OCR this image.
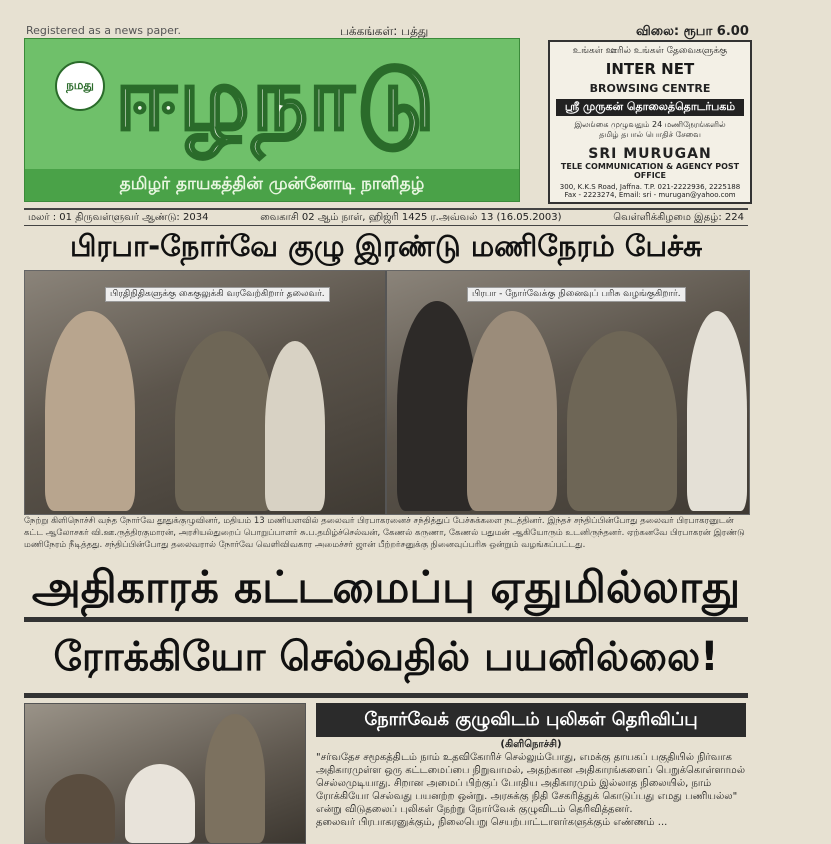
Registered as a news paper.	பக்கங்கள்: பத்து	விலை: ரூபா 6.00
நமது ஈழநாடு
தமிழர் தாயகத்தின் முன்னோடி நாளிதழ்
உங்கள் ஊரில் உங்கள் தேவைகளுக்கு
INTER NET
BROWSING CENTRE
ஸ்ரீ முருகன் தொலைத்தொடர்பகம்
இலங்கை முழுவதும் 24 மணிநேரங்களில்
தமிழ் தபால் பொதிச் சேவை
SRI MURUGAN
TELE COMMUNICATION & AGENCY POST OFFICE
300, K.K.S Road, Jaffna. T.P. 021-2222936, 2225188
Fax - 2223274, Email: sri - murugan@yahoo.com
மலர் : 01 திருவள்ளுவர் ஆண்டு: 2034	வைகாசி 02 ஆம் நாள், ஹிஜ்ரி 1425 ர.அவ்வல் 13 (16.05.2003)	வெள்ளிக்கிழமை இதழ்: 224
பிரபா-நோர்வே குழு இரண்டு மணிநேரம் பேச்சு
பிரதிநிதிகளுக்கு கைகுலுக்கி வரவேற்கிறார் தலைவர்.	பிரபா - நோர்வேக்கு நினைவுப் பரிசு வழங்குகிறார்.
நேற்று கிளிநொச்சி வந்த நோர்வே தூதுக்குழுவினர், மதியம் 13 மணியளவில் தலைவர் பிரபாகரனைச் சந்தித்துப் பேச்சுக்களை நடத்தினர். இந்தச் சந்திப்பின்போது தலைவர் பிரபாகரனுடன் கட்ட ஆலோசகர் வி.ஊ.ருத்திரகுமாரன், அரசியல்துறைப் பொறுப்பாளர் சு.ப.தமிழ்ச்செல்வன், கேணல் கருணா, கேணல் பதுமன் ஆகியோரும் உடனிருந்தனர். ஏற்கனவே பிரபாகரன் இரண்டு மணிநேரம் நீடித்தது. சந்திப்பின்போது தலைவரால் நோர்வே வெளிவிவகார அமைச்சர் ஜான் பீற்றர்சனுக்கு நினைவுப்பரிசு ஒன்றும் வழங்கப்பட்டது.
அதிகாரக் கட்டமைப்பு ஏதுமில்லாது
ரோக்கியோ செல்வதில் பயனில்லை!
நோர்வேக் குழுவிடம் புலிகள் தெரிவிப்பு
(கிளிநொச்சி)
"சர்வதேச சமூகத்திடம் நாம் உதவிகோரிச் செல்லும்போது, எமக்கு தாயகப் பகுதியில் நிர்வாக அதிகாரமுள்ள ஒரு கட்டமைப்பை நிறுவாமல், அதற்கான அதிகாரங்களைப் பெறுக்கொள்ளாமல் செல்லமுடியாது. சிறான அமைப் பிற்குப் போதிய அதிகாரமும் இல்லாத நிலையில், நாம் ரோக்கியோ செல்வது பயனற்ற ஒன்று. அரசுக்கு நிதி சேகரித்துக் கொடுப்பது எமது பணியல்ல" என்று விடுதலைப் புலிகள் நேற்று நோர்வேக் குழுவிடம் தெரிவித்தனர்.
தலைவர் பிரபாகரனுக்கும், நிலைபெறு செயற்பாட்டாளர்களுக்கும் எண்ணம் ...
